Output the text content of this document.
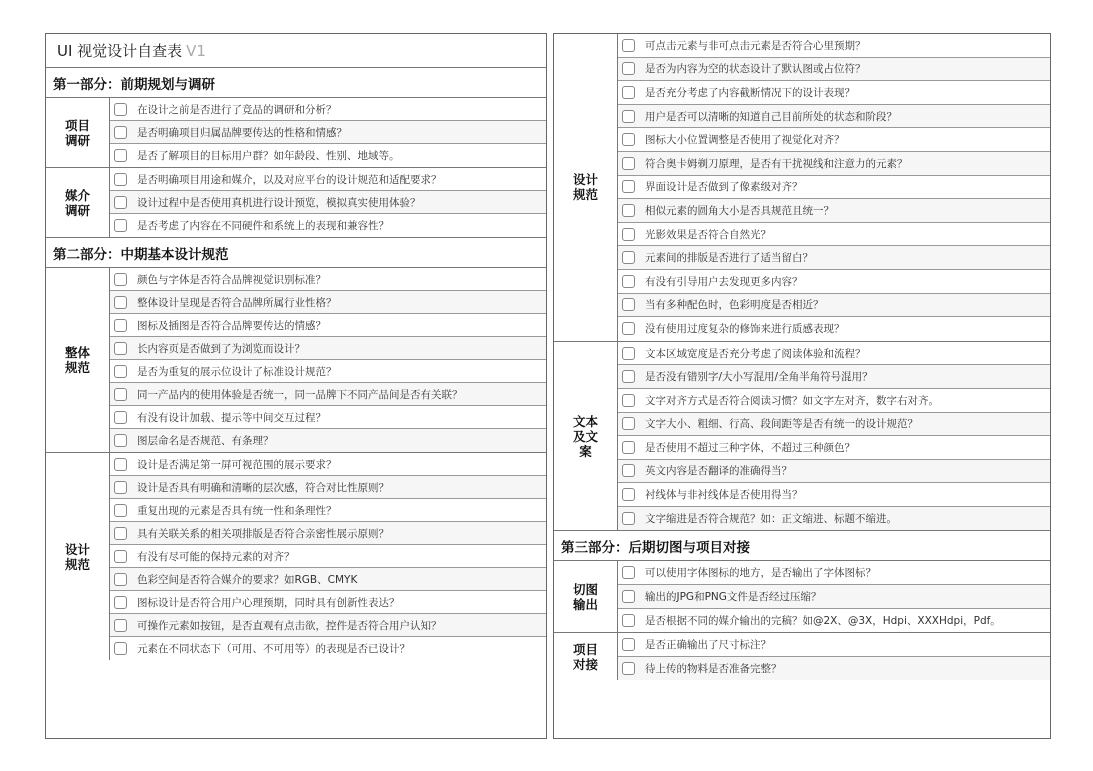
UI 视觉设计自查表 V1
第一部分：前期规划与调研
项目调研
在设计之前是否进行了竞品的调研和分析？
是否明确项目归属品牌要传达的性格和情感？
是否了解项目的目标用户群？如年龄段、性别、地域等。
媒介调研
是否明确项目用途和媒介，以及对应平台的设计规范和适配要求？
设计过程中是否使用真机进行设计预览，模拟真实使用体验？
是否考虑了内容在不同硬件和系统上的表现和兼容性？
第二部分：中期基本设计规范
整体规范
颜色与字体是否符合品牌视觉识别标准？
整体设计呈现是否符合品牌所属行业性格？
图标及插图是否符合品牌要传达的情感？
长内容页是否做到了为浏览而设计？
是否为重复的展示位设计了标准设计规范？
同一产品内的使用体验是否统一，同一品牌下不同产品间是否有关联？
有没有设计加载、提示等中间交互过程？
图层命名是否规范、有条理？
设计规范
设计是否满足第一屏可视范围的展示要求？
设计是否具有明确和清晰的层次感，符合对比性原则？
重复出现的元素是否具有统一性和条理性？
具有关联关系的相关项排版是否符合亲密性展示原则？
有没有尽可能的保持元素的对齐？
色彩空间是否符合媒介的要求？如RGB、CMYK
图标设计是否符合用户心理预期，同时具有创新性表达？
可操作元素如按钮，是否直观有点击欲，控件是否符合用户认知？
元素在不同状态下（可用、不可用等）的表现是否已设计？
设计规范
可点击元素与非可点击元素是否符合心里预期？
是否为内容为空的状态设计了默认图或占位符？
是否充分考虑了内容截断情况下的设计表现？
用户是否可以清晰的知道自己目前所处的状态和阶段？
图标大小位置调整是否使用了视觉化对齐？
符合奥卡姆剃刀原理，是否有干扰视线和注意力的元素？
界面设计是否做到了像素级对齐？
相似元素的圆角大小是否具规范且统一？
光影效果是否符合自然光？
元素间的排版是否进行了适当留白？
有没有引导用户去发现更多内容？
当有多种配色时，色彩明度是否相近？
没有使用过度复杂的修饰来进行质感表现？
文本及文案
文本区域宽度是否充分考虑了阅读体验和流程？
是否没有错别字/大小写混用/全角半角符号混用？
文字对齐方式是否符合阅读习惯？如文字左对齐，数字右对齐。
文字大小、粗细、行高、段间距等是否有统一的设计规范？
是否使用不超过三种字体，不超过三种颜色？
英文内容是否翻译的准确得当？
衬线体与非衬线体是否使用得当？
文字缩进是否符合规范？如：正文缩进、标题不缩进。
第三部分：后期切图与项目对接
切图输出
可以使用字体图标的地方，是否输出了字体图标？
输出的JPG和PNG文件是否经过压缩？
是否根据不同的媒介输出的完稿？如@2X、@3X，Hdpi、XXXHdpi，Pdf。
项目对接
是否正确输出了尺寸标注？
待上传的物料是否准备完整？
